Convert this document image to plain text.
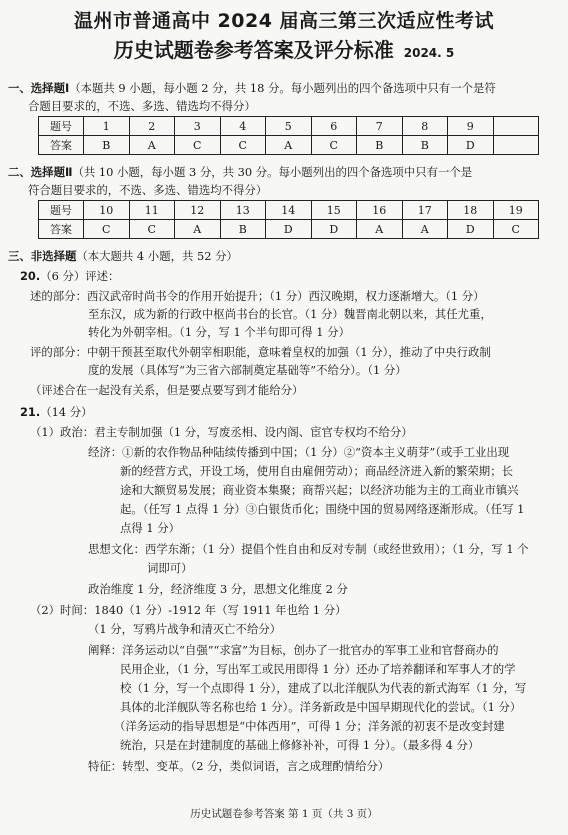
温州市普通高中 2024 届高三第三次适应性考试
历史试题卷参考答案及评分标准 2024. 5
一、选择题Ⅰ（本题共 9 小题，每小题 2 分，共 18 分。每小题列出的四个备选项中只有一个是符
合题目要求的，不选、多选、错选均不得分）
题号	1	2	3	4	5	6	7	8	9	
答案	B	A	C	C	A	C	B	B	D	
二、选择题Ⅱ（共 10 小题，每小题 3 分，共 30 分。每小题列出的四个备选项中只有一个是
符合题目要求的，不选、多选、错选均不得分）
题号	10	11	12	13	14	15	16	17	18	19
答案	C	C	A	B	D	D	A	A	D	C
三、非选择题（本大题共 4 小题，共 52 分）
20.（6 分）评述：
述的部分：西汉武帝时尚书令的作用开始提升；（1 分）西汉晚期，权力逐渐增大。（1 分）
至东汉，成为新的行政中枢尚书台的长官。（1 分）魏晋南北朝以来，其任尤重，
转化为外朝宰相。（1 分，写 1 个半句即可得 1 分）
评的部分：中朝干预甚至取代外朝宰相职能，意味着皇权的加强（1 分），推动了中央行政制
度的发展（具体写“为三省六部制奠定基础等”不给分）。（1 分）
（评述合在一起没有关系，但是要点要写到才能给分）
21.（14 分）
（1）政治：君主专制加强（1 分，写废丞相、设内阁、宦官专权均不给分）
经济：①新的农作物品种陆续传播到中国；（1 分）②“资本主义萌芽”（或手工业出现
新的经营方式，开设工场，使用自由雇佣劳动）；商品经济进入新的繁荣期；长
途和大额贸易发展；商业资本集聚；商帮兴起；以经济功能为主的工商业市镇兴
起。（任写 1 点得 1 分）③白银货币化；围绕中国的贸易网络逐渐形成。（任写 1
点得 1 分）
思想文化：西学东渐；（1 分）提倡个性自由和反对专制（或经世致用）；（1 分，写 1 个
词即可）
政治维度 1 分，经济维度 3 分，思想文化维度 2 分
（2）时间：1840（1 分）-1912 年（写 1911 年也给 1 分）
（1 分，写鸦片战争和清灭亡不给分）
阐释：洋务运动以“自强”“求富”为目标，创办了一批官办的军事工业和官督商办的
民用企业，（1 分，写出军工或民用即得 1 分）还办了培养翻译和军事人才的学
校（1 分，写一个点即得 1 分），建成了以北洋舰队为代表的新式海军（1 分，写
具体的北洋舰队等名称也给 1 分）。洋务新政是中国早期现代化的尝试。（1 分）
（洋务运动的指导思想是“中体西用”，可得 1 分；洋务派的初衷不是改变封建
统治，只是在封建制度的基础上修修补补，可得 1 分）。（最多得 4 分）
特征：转型、变革。（2 分，类似词语，言之成理酌情给分）
历史试题卷参考答案 第 1 页（共 3 页）
